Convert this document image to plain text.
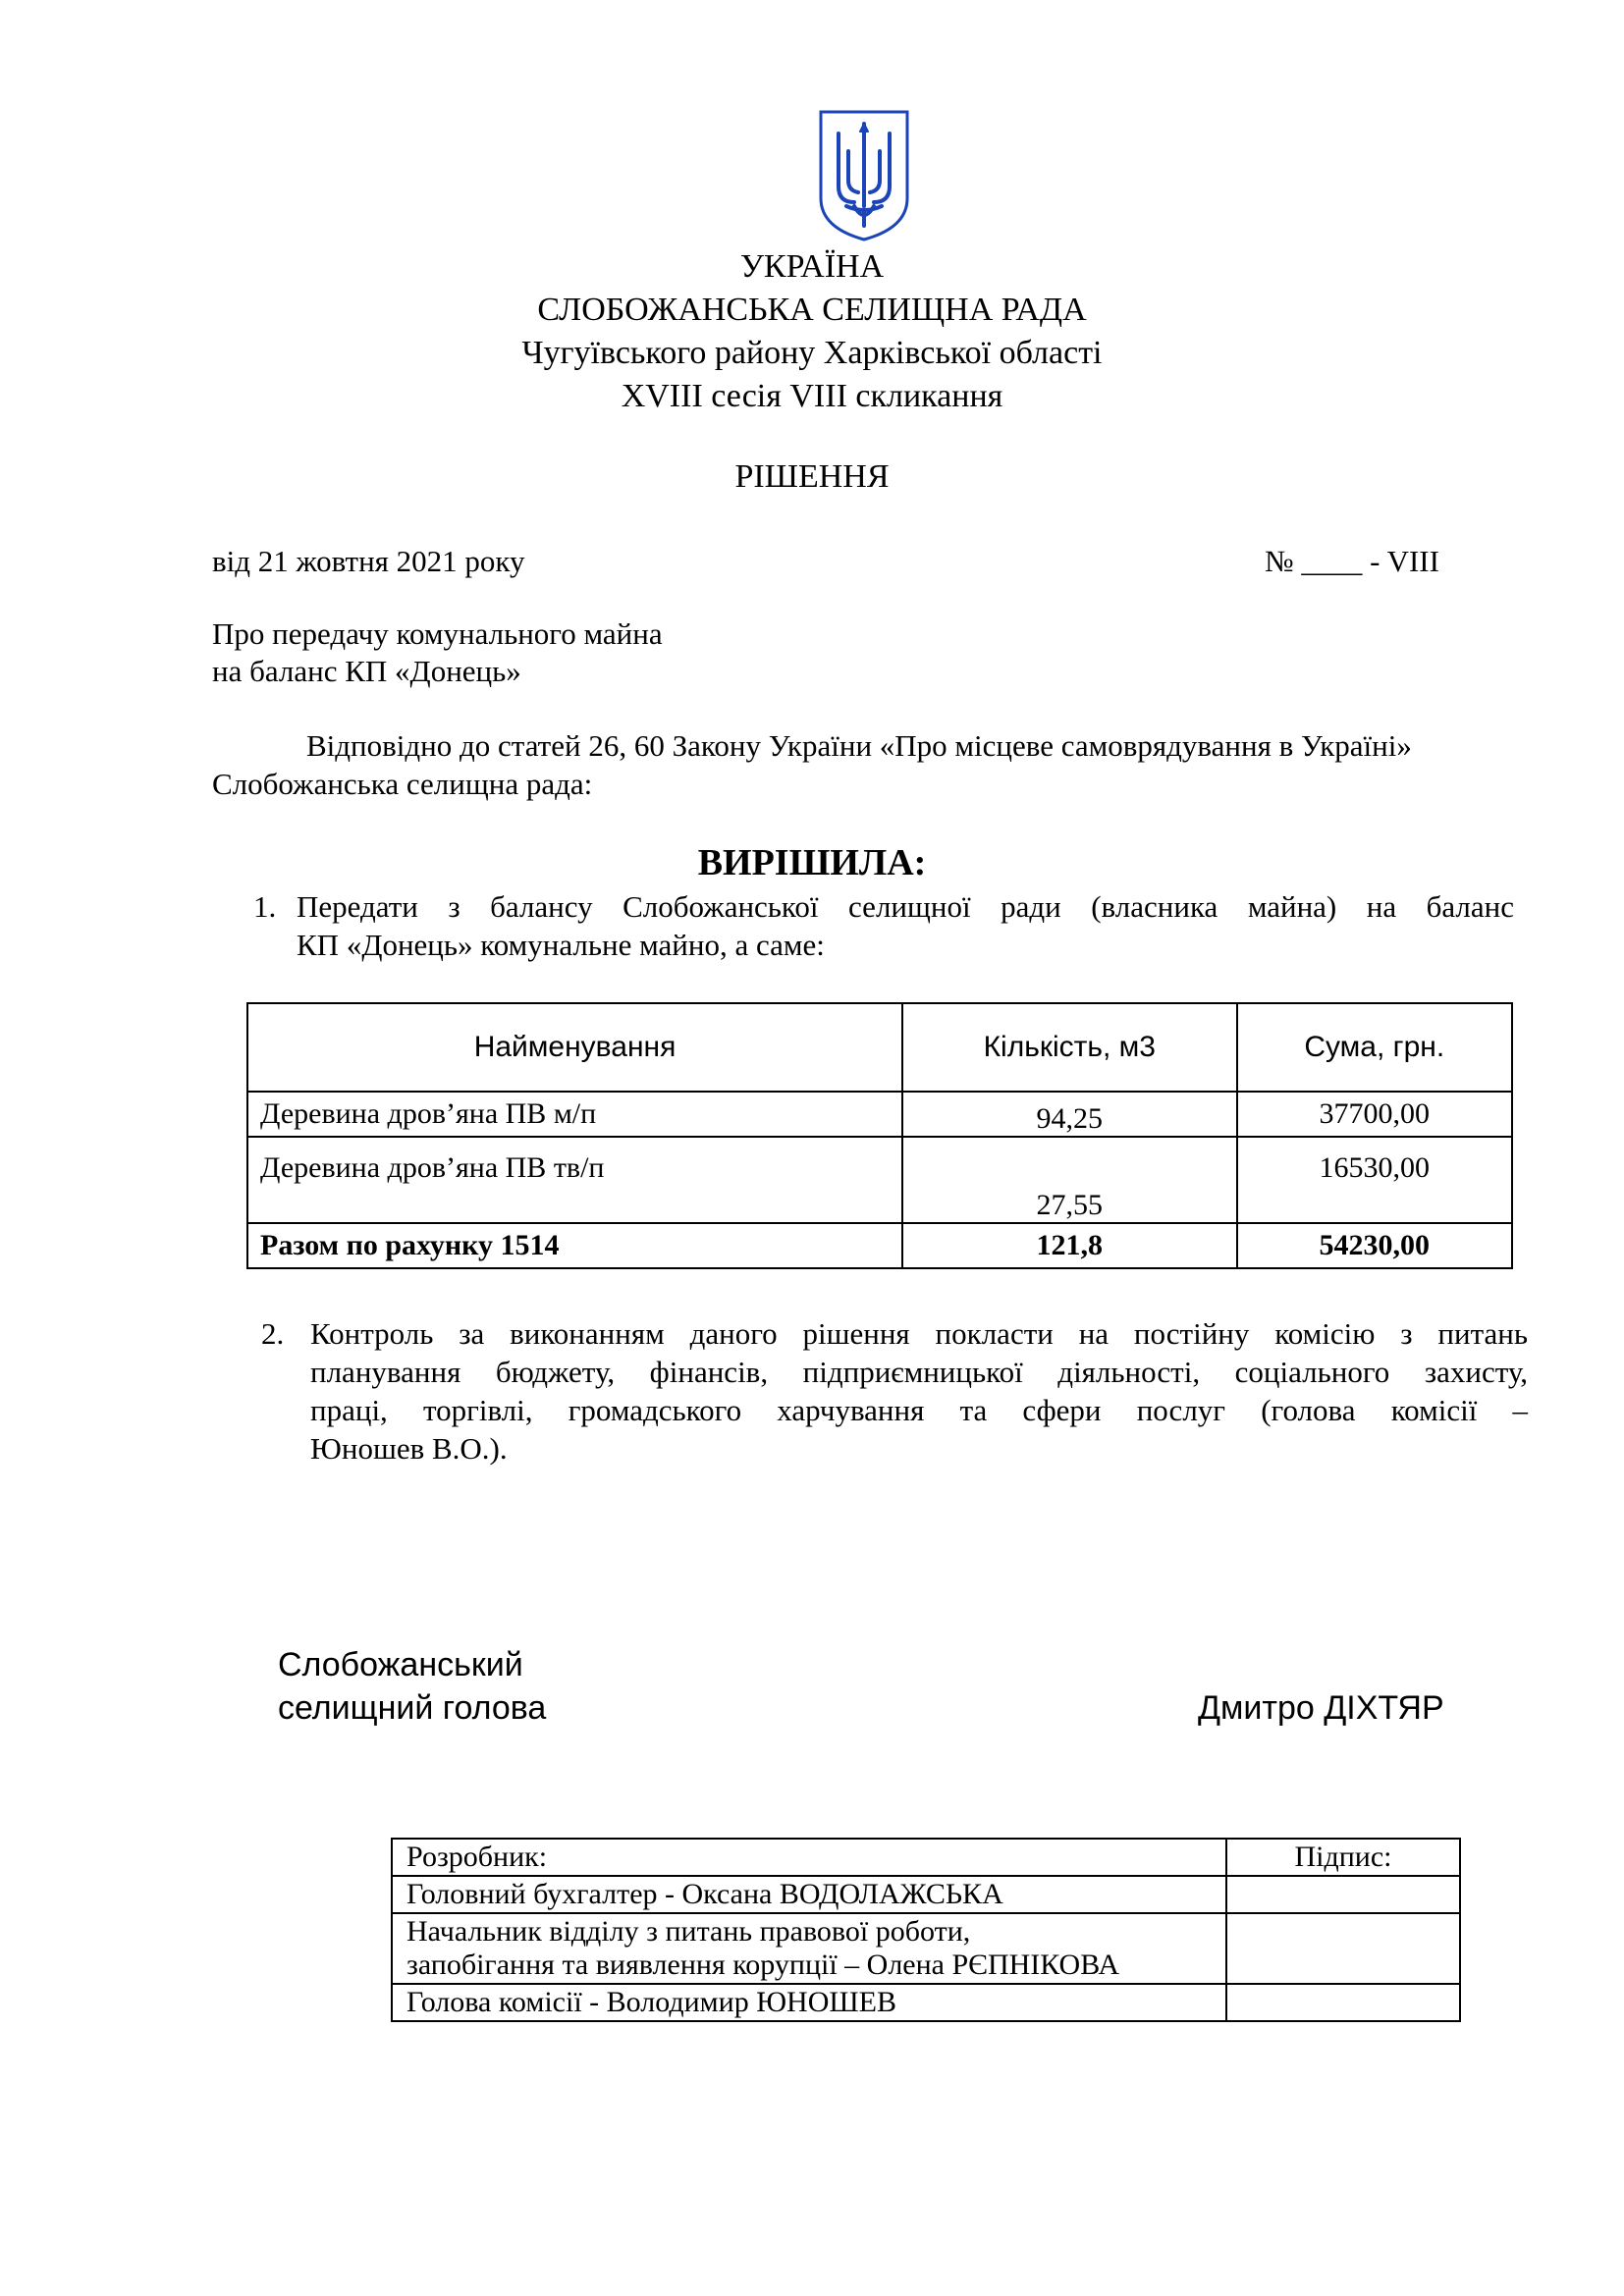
УКРАЇНА
СЛОБОЖАНСЬКА СЕЛИЩНА РАДА
Чугуївського району Харківської області
XVIII сесія VIII скликання
РІШЕННЯ
від 21 жовтня 2021 року	№ ____ - VIII
Про передачу комунального майна
на баланс КП «Донець»
Відповідно до статей 26, 60 Закону України «Про місцеве самоврядування в Україні»
Слобожанська селищна рада:
ВИРІШИЛА:
1. Передати з балансу Слобожанської селищної ради (власника майна) на баланс
КП «Донець» комунальне майно, а саме:
Найменування	Кількість, м3	Сума, грн.
Деревина дров’яна ПВ м/п	94,25	37700,00
Деревина дров’яна ПВ тв/п	27,55	16530,00
Разом по рахунку 1514	121,8	54230,00
2. Контроль за виконанням даного рішення покласти на постійну комісію з питань
планування бюджету, фінансів, підприємницької діяльності, соціального захисту,
праці, торгівлі, громадського харчування та сфери послуг (голова комісії –
Юношев В.О.).
Слобожанський
селищний голова	Дмитро ДІХТЯР
Розробник:	Підпис:
Головний бухгалтер - Оксана ВОДОЛАЖСЬКА	

Начальник відділу з питань правової роботи,
запобігання та виявлення корупції – Олена РЄПНІКОВА	

Голова комісії - Володимир ЮНОШЕВ	
